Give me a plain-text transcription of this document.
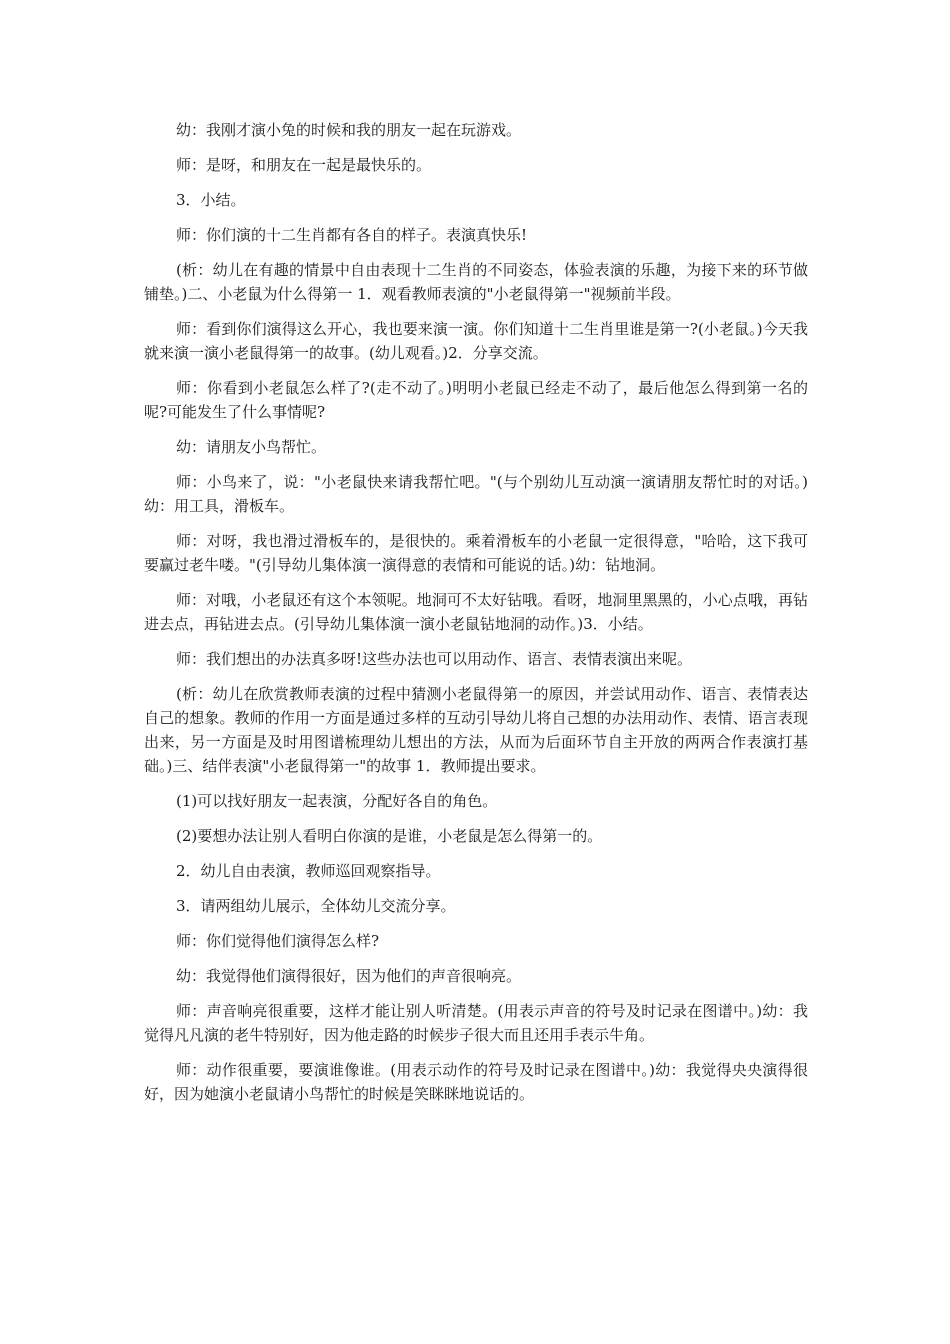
幼：我刚才演小兔的时候和我的朋友一起在玩游戏。

师：是呀，和朋友在一起是最快乐的。

3．小结。

师：你们演的十二生肖都有各自的样子。表演真快乐!

(析：幼儿在有趣的情景中自由表现十二生肖的不同姿态，体验表演的乐趣，为接下来的环节做铺垫。)二、小老鼠为什么得第一 1．观看教师表演的"小老鼠得第一"视频前半段。

师：看到你们演得这么开心，我也要来演一演。你们知道十二生肖里谁是第一?(小老鼠。)今天我就来演一演小老鼠得第一的故事。(幼儿观看。)2．分享交流。

师：你看到小老鼠怎么样了?(走不动了。)明明小老鼠已经走不动了，最后他怎么得到第一名的呢?可能发生了什么事情呢?

幼：请朋友小鸟帮忙。

师：小鸟来了，说："小老鼠快来请我帮忙吧。"(与个别幼儿互动演一演请朋友帮忙时的对话。)幼：用工具，滑板车。

师：对呀，我也滑过滑板车的，是很快的。乘着滑板车的小老鼠一定很得意，"哈哈，这下我可要赢过老牛喽。"(引导幼儿集体演一演得意的表情和可能说的话。)幼：钻地洞。

师：对哦，小老鼠还有这个本领呢。地洞可不太好钻哦。看呀，地洞里黑黑的，小心点哦，再钻进去点，再钻进去点。(引导幼儿集体演一演小老鼠钻地洞的动作。)3．小结。

师：我们想出的办法真多呀!这些办法也可以用动作、语言、表情表演出来呢。

(析：幼儿在欣赏教师表演的过程中猜测小老鼠得第一的原因，并尝试用动作、语言、表情表达自己的想象。教师的作用一方面是通过多样的互动引导幼儿将自己想的办法用动作、表情、语言表现出来，另一方面是及时用图谱梳理幼儿想出的方法，从而为后面环节自主开放的两两合作表演打基础。)三、结伴表演"小老鼠得第一"的故事 1．教师提出要求。

(1)可以找好朋友一起表演，分配好各自的角色。

(2)要想办法让别人看明白你演的是谁，小老鼠是怎么得第一的。

2．幼儿自由表演，教师巡回观察指导。

3．请两组幼儿展示，全体幼儿交流分享。

师：你们觉得他们演得怎么样?

幼：我觉得他们演得很好，因为他们的声音很响亮。

师：声音响亮很重要，这样才能让别人听清楚。(用表示声音的符号及时记录在图谱中。)幼：我觉得凡凡演的老牛特别好，因为他走路的时候步子很大而且还用手表示牛角。

师：动作很重要，要演谁像谁。(用表示动作的符号及时记录在图谱中。)幼：我觉得央央演得很好，因为她演小老鼠请小鸟帮忙的时候是笑眯眯地说话的。
